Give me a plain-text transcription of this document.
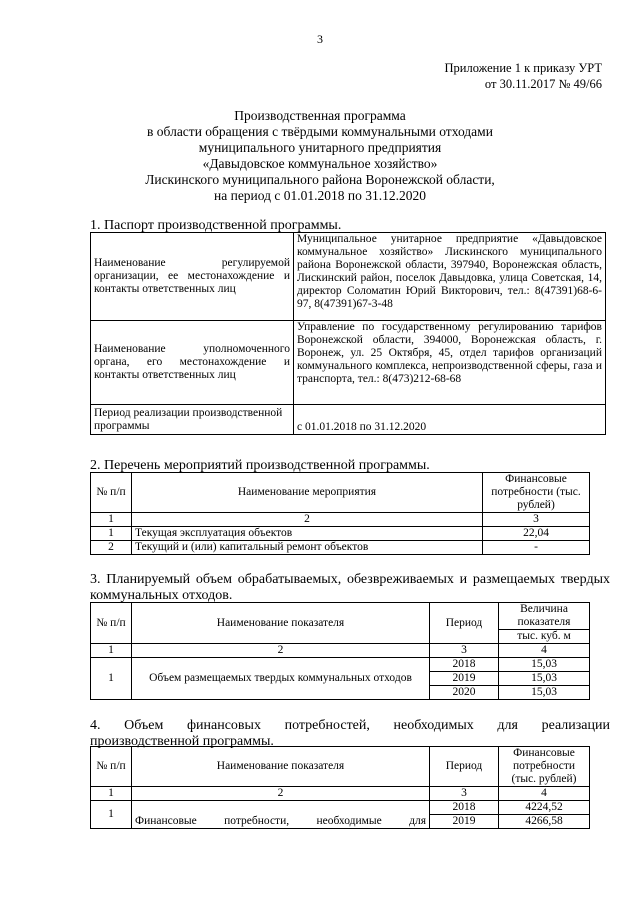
3
Приложение 1 к приказу УРТ
от 30.11.2017 № 49/66
Производственная программа
в области обращения с твёрдыми коммунальными отходами
муниципального унитарного предприятия
«Давыдовское коммунальное хозяйство»
Лискинского муниципального района Воронежской области,
на период с 01.01.2018 по 31.12.2020
1. Паспорт производственной программы.
Наименование регулируемой организации, ее местонахождение и контакты ответственных лиц	Муниципальное унитарное предприятие «Давыдовское коммунальное хозяйство» Лискинского муниципального района Воронежской области, 397940, Воронежская область, Лискинский район, поселок Давыдовка, улица Советская, 14, директор Соломатин Юрий Викторович, тел.: 8(47391)68-6-97, 8(47391)67-3-48
Наименование уполномоченного органа, его местонахождение и контакты ответственных лиц	Управление по государственному регулированию тарифов Воронежской области, 394000, Воронежская область, г. Воронеж, ул. 25 Октября, 45, отдел тарифов организаций коммунального комплекса, непроизводственной сферы, газа и транспорта, тел.: 8(473)212-68-68
Период реализации производственной программы	с 01.01.2018 по 31.12.2020
2. Перечень мероприятий производственной программы.
№ п/п	Наименование мероприятия	Финансовые потребности (тыс. рублей)
1	2	3
1	Текущая эксплуатация объектов	22,04
2	Текущий и (или) капитальный ремонт объектов	-
3. Планируемый объем обрабатываемых, обезвреживаемых и размещаемых твердых коммунальных отходов.
№ п/п	Наименование показателя	Период	Величина показателя
			тыс. куб. м
1	2	3	4
1	Объем размещаемых твердых коммунальных отходов	2018	15,03
		2019	15,03
		2020	15,03
4. Объем финансовых потребностей, необходимых для реализации
производственной программы.
№ п/п	Наименование показателя	Период	Финансовые потребности (тыс. рублей)
1	2	3	4
1	Финансовые потребности, необходимые для	2018	4224,52
		2019	4266,58
